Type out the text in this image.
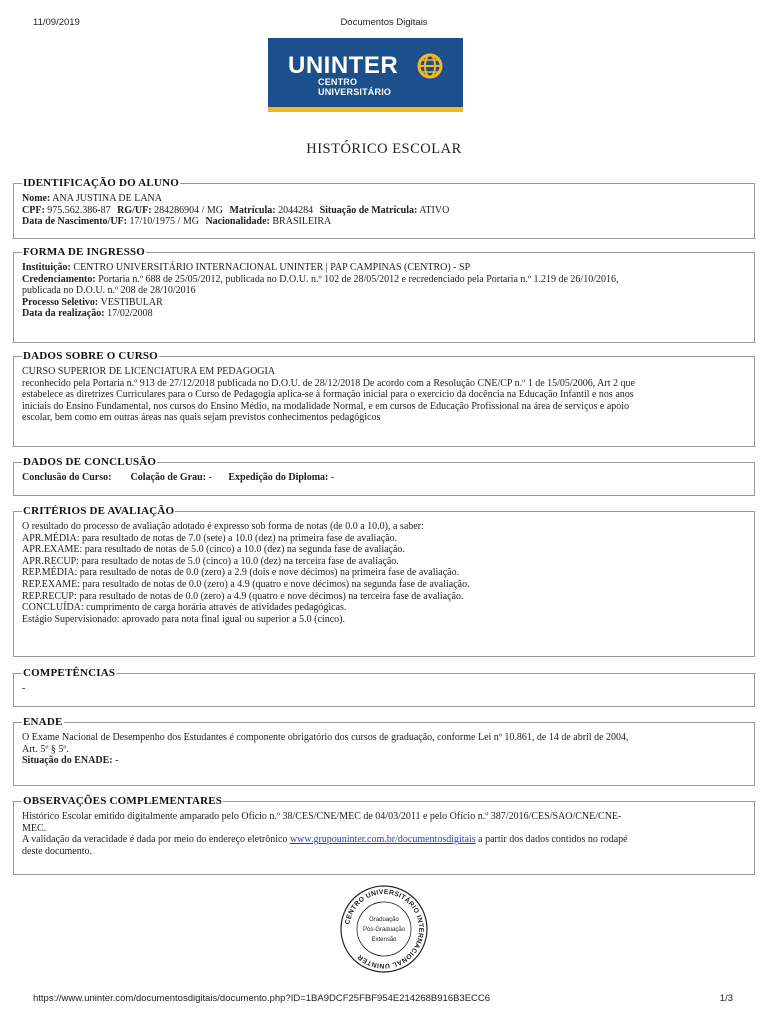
11/09/2019	Documentos Digitais
UNINTER
CENTRO
UNIVERSITÁRIO
HISTÓRICO ESCOLAR
IDENTIFICAÇÃO DO ALUNO
Nome: ANA JUSTINA DE LANA
CPF: 975.562.386-87 RG/UF: 284286904 / MG Matrícula: 2044284 Situação de Matrícula: ATIVO
Data de Nascimento/UF: 17/10/1975 / MG Nacionalidade: BRASILEIRA
FORMA DE INGRESSO
Instituição: CENTRO UNIVERSITÁRIO INTERNACIONAL UNINTER | PAP CAMPINAS (CENTRO) - SP
Credenciamento: Portaria n.º 688 de 25/05/2012, publicada no D.O.U. n.º 102 de 28/05/2012 e recredenciado pela Portaria n.º 1.219 de 26/10/2016,
publicada no D.O.U. n.º 208 de 28/10/2016
Processo Seletivo: VESTIBULAR
Data da realização: 17/02/2008
DADOS SOBRE O CURSO
CURSO SUPERIOR DE LICENCIATURA EM PEDAGOGIA
reconhecido pela Portaria n.º 913 de 27/12/2018 publicada no D.O.U. de 28/12/2018 De acordo com a Resolução CNE/CP n.º 1 de 15/05/2006, Art 2 que
estabelece as diretrizes Curriculares para o Curso de Pedagogia aplica-se à formação inicial para o exercício da docência na Educação Infantil e nos anos
iniciais do Ensino Fundamental, nos cursos do Ensino Médio, na modalidade Normal, e em cursos de Educação Profissional na área de serviços e apoio
escolar, bem como em outras áreas nas quais sejam previstos conhecimentos pedagógicos
DADOS DE CONCLUSÃO
Conclusão do Curso: Colação de Grau: - Expedição do Diploma: -
CRITÉRIOS DE AVALIAÇÃO
O resultado do processo de avaliação adotado é expresso sob forma de notas (de 0.0 a 10.0), a saber:
APR.MÉDIA: para resultado de notas de 7.0 (sete) a 10.0 (dez) na primeira fase de avaliação.
APR.EXAME: para resultado de notas de 5.0 (cinco) a 10.0 (dez) na segunda fase de avaliação.
APR.RECUP: para resultado de notas de 5.0 (cinco) a 10.0 (dez) na terceira fase de avaliação.
REP.MÉDIA: para resultado de notas de 0.0 (zero) a 2.9 (dois e nove décimos) na primeira fase de avaliação.
REP.EXAME: para resultado de notas de 0.0 (zero) a 4.9 (quatro e nove décimos) na segunda fase de avaliação.
REP.RECUP: para resultado de notas de 0.0 (zero) a 4.9 (quatro e nove décimos) na terceira fase de avaliação.
CONCLUÍDA: cumprimento de carga horária através de atividades pedagógicas.
Estágio Supervisionado: aprovado para nota final igual ou superior a 5.0 (cinco).
COMPETÊNCIAS
-
ENADE
O Exame Nacional de Desempenho dos Estudantes é componente obrigatório dos cursos de graduação, conforme Lei nº 10.861, de 14 de abril de 2004,
Art. 5º § 5º.
Situação do ENADE: -
OBSERVAÇÕES COMPLEMENTARES
Histórico Escolar emitido digitalmente amparado pelo Ofício n.º 38/CES/CNE/MEC de 04/03/2011 e pelo Ofício n.º 387/2016/CES/SAO/CNE/CNE-
MEC.
A validação da veracidade é dada por meio do endereço eletrônico www.grupouninter.com.br/documentosdigitais a partir dos dados contidos no rodapé
deste documento.
CENTRO UNIVERSITÁRIO INTERNACIONAL UNINTER
Graduação
Pós-Graduação
Extensão
https://www.uninter.com/documentosdigitais/documento.php?ID=1BA9DCF25FBF954E214268B916B3ECC6	1/3
